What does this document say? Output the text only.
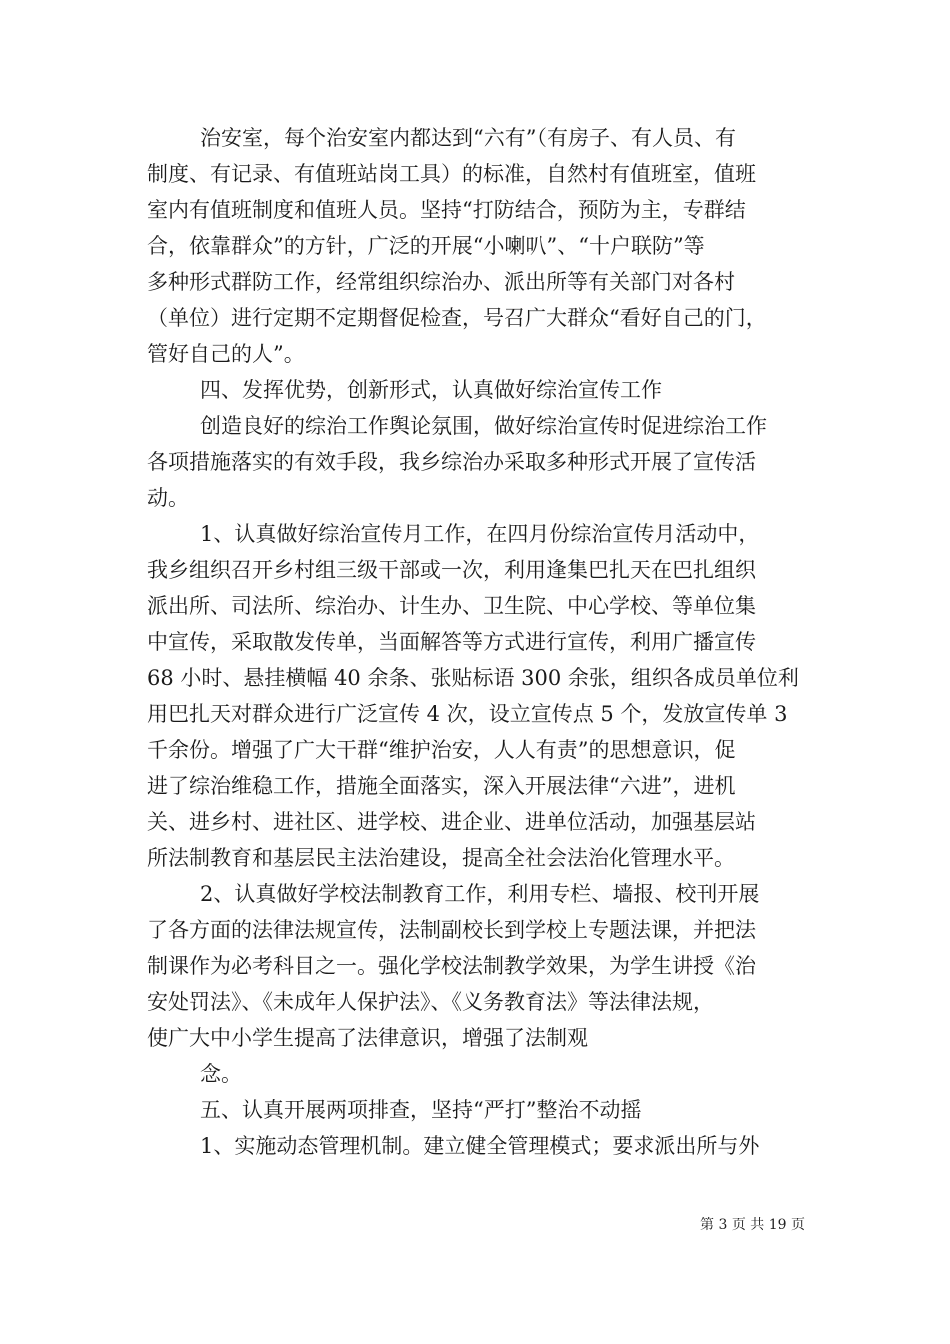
治安室，每个治安室内都达到“六有”（有房子、有人员、有
制度、有记录、有值班站岗工具）的标准，自然村有值班室，值班
室内有值班制度和值班人员。坚持“打防结合，预防为主，专群结
合，依靠群众”的方针，广泛的开展“小喇叭”、“十户联防”等
多种形式群防工作，经常组织综治办、派出所等有关部门对各村
（单位）进行定期不定期督促检查，号召广大群众“看好自己的门，
管好自己的人”。
四、发挥优势，创新形式，认真做好综治宣传工作
创造良好的综治工作舆论氛围，做好综治宣传时促进综治工作
各项措施落实的有效手段，我乡综治办采取多种形式开展了宣传活
动。
1、认真做好综治宣传月工作，在四月份综治宣传月活动中，
我乡组织召开乡村组三级干部或一次，利用逢集巴扎天在巴扎组织
派出所、司法所、综治办、计生办、卫生院、中心学校、等单位集
中宣传，采取散发传单，当面解答等方式进行宣传，利用广播宣传
68 小时、悬挂横幅 40 余条、张贴标语 300 余张，组织各成员单位利
用巴扎天对群众进行广泛宣传 4 次，设立宣传点 5 个，发放宣传单 3
千余份。增强了广大干群“维护治安，人人有责”的思想意识，促
进了综治维稳工作，措施全面落实，深入开展法律“六进”，进机
关、进乡村、进社区、进学校、进企业、进单位活动，加强基层站
所法制教育和基层民主法治建设，提高全社会法治化管理水平。
2、认真做好学校法制教育工作，利用专栏、墙报、校刊开展
了各方面的法律法规宣传，法制副校长到学校上专题法课，并把法
制课作为必考科目之一。强化学校法制教学效果，为学生讲授《治
安处罚法》、《未成年人保护法》、《义务教育法》等法律法规，
使广大中小学生提高了法律意识，增强了法制观
念。
五、认真开展两项排查，坚持“严打”整治不动摇
1、实施动态管理机制。建立健全管理模式；要求派出所与外
第 3 页 共 19 页
